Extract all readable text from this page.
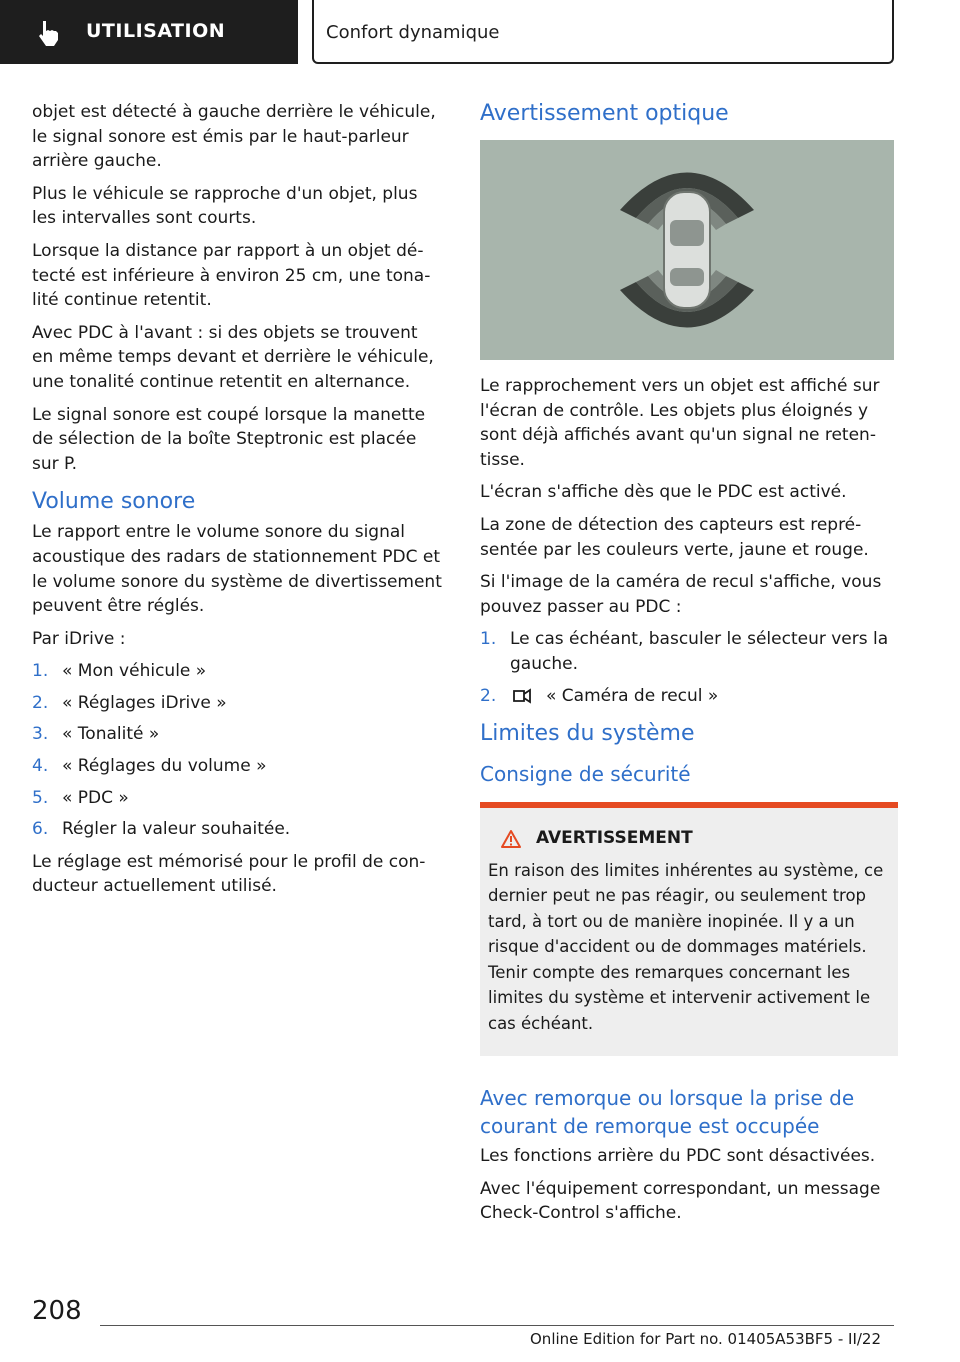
UTILISATION	Confort dynamique

objet est détecté à gauche derrière le véhicule, le signal sonore est émis par le haut-parleur arrière gauche.

Plus le véhicule se rapproche d'un objet, plus les intervalles sont courts.

Lorsque la distance par rapport à un objet détecté est inférieure à environ 25 cm, une tonalité continue retentit.

Avec PDC à l'avant : si des objets se trouvent en même temps devant et derrière le véhicule, une tonalité continue retentit en alternance.

Le signal sonore est coupé lorsque la manette de sélection de la boîte Steptronic est placée sur P.

Volume sonore

Le rapport entre le volume sonore du signal acoustique des radars de stationnement PDC et le volume sonore du système de divertissement peuvent être réglés.

Par iDrive :

1. « Mon véhicule »
2. « Réglages iDrive »
3. « Tonalité »
4. « Réglages du volume »
5. « PDC »
6. Régler la valeur souhaitée.

Le réglage est mémorisé pour le profil de conducteur actuellement utilisé.

Avertissement optique

Le rapprochement vers un objet est affiché sur l'écran de contrôle. Les objets plus éloignés y sont déjà affichés avant qu'un signal ne retentisse.

L'écran s'affiche dès que le PDC est activé.

La zone de détection des capteurs est représentée par les couleurs verte, jaune et rouge.

Si l'image de la caméra de recul s'affiche, vous pouvez passer au PDC :

1. Le cas échéant, basculer le sélecteur vers la gauche.
2.	« Caméra de recul »
Limites du système
Consigne de sécurité
AVERTISSEMENT
En raison des limites inhérentes au système, ce dernier peut ne pas réagir, ou seulement trop tard, à tort ou de manière inopinée. Il y a un risque d'accident ou de dommages matériels. Tenir compte des remarques concernant les limites du système et intervenir activement le cas échéant.
Avec remorque ou lorsque la prise de courant de remorque est occupée

Les fonctions arrière du PDC sont désactivées.

Avec l'équipement correspondant, un message Check-Control s'affiche.

208
Online Edition for Part no. 01405A53BF5 - II/22
